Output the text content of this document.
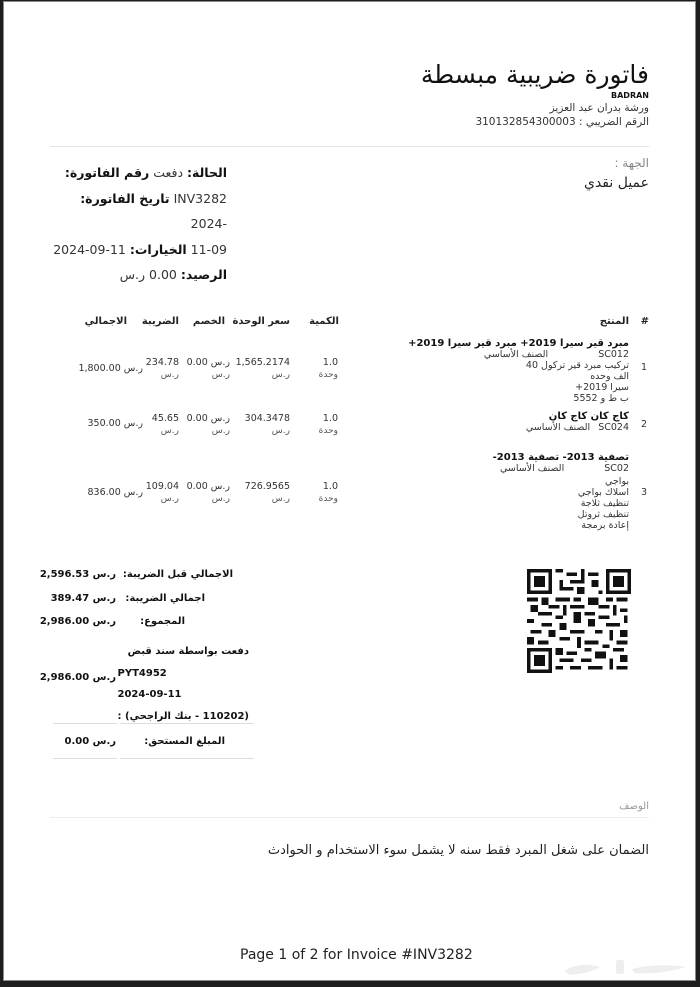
فاتورة ضريبية مبسطة
BADRAN
ورشة بدران عبد العزيز
الرقم الضريبي : 310132854300003
الجهة :
عميل نقدي
الحالة: دفعت رقم الفاتورة:
INV3282 تاريخ الفاتورة: -2024
11-09 الخيارات: 11-09-2024
الرصيد: 0.00 ر.س
#
المنتج
الكمية
سعر الوحدة
الخصم
الضريبة
الاجمالي
1
مبرد قير سيرا 2019+ مبرد قير سيرا 2019+
SC012
الصنف الأساسي
تركيب مبرد قير تركول 40 الف وحده
سيرا 2019+
ب ط و 5552
1.0
وحدة
1,565.2174
ر.س
0.00 ر.س
ر.س
234.78
ر.س
1,800.00 ر.س
2
كاج كان كاج كان
SC024
الصنف الأساسي
1.0
وحدة
304.3478
ر.س
0.00 ر.س
ر.س
45.65
ر.س
350.00 ر.س
3
تصفية 2013- تصفية 2013-
SC02
الصنف الأساسي
بواجي
اسلاك بواجي
تنظيف ثلاجة
تنظيف ثروتل
إعادة برمجة
1.0
وحدة
726.9565
ر.س
0.00 ر.س
ر.س
109.04
ر.س
836.00 ر.س
الاجمالي قبل الضريبة:
2,596.53 ر.س
اجمالي الضريبة:
389.47 ر.س
المجموع:
2,986.00 ر.س
دفعت بواسطة سند قبض
PYT4952
2024-09-11
(110202 - بنك الراجحي) :
2,986.00 ر.س
المبلغ المستحق:
0.00 ر.س
الوصف
الضمان على شغل المبرد فقط سنه لا يشمل سوء الاستخدام و الحوادث
Page 1 of 2 for Invoice #INV3282
